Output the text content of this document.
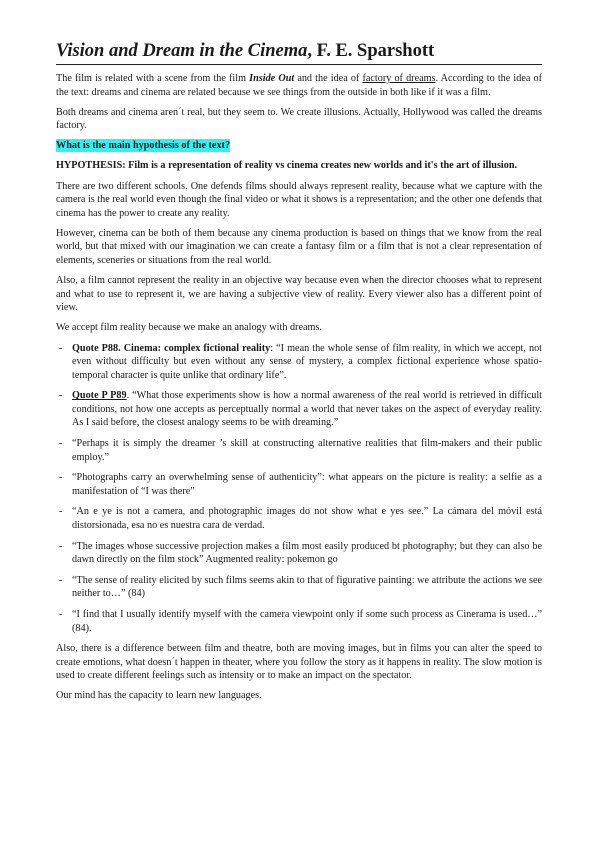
Vision and Dream in the Cinema, F. E. Sparshott

The film is related with a scene from the film Inside Out and the idea of factory of dreams. According to the idea of the text: dreams and cinema are related because we see things from the outside in both like if it was a film.

Both dreams and cinema aren´t real, but they seem to. We create illusions. Actually, Hollywood was called the dreams factory.

What is the main hypothesis of the text?

HYPOTHESIS: Film is a representation of reality vs cinema creates new worlds and it's the art of illusion.

There are two different schools. One defends films should always represent reality, because what we capture with the camera is the real world even though the final video or what it shows is a representation; and the other one defends that cinema has the power to create any reality.

However, cinema can be both of them because any cinema production is based on things that we know from the real world, but that mixed with our imagination we can create a fantasy film or a film that is not a clear representation of elements, sceneries or situations from the real world.

Also, a film cannot represent the reality in an objective way because even when the director chooses what to represent and what to use to represent it, we are having a subjective view of reality. Every viewer also has a different point of view.

We accept film reality because we make an analogy with dreams.

- Quote P88. Cinema: complex fictional reality: “I mean the whole sense of film reality, in which we accept, not even without difficulty but even without any sense of mystery, a complex fictional experience whose spatio-temporal character is quite unlike that ordinary life”.
- Quote P P89. “What those experiments show is how a normal awareness of the real world is retrieved in difficult conditions, not how one accepts as perceptually normal a world that never takes on the aspect of everyday reality. As I said before, the closest analogy seems to be with dreaming.”
- “Perhaps it is simply the dreamer ’s skill at constructing alternative realities that film-makers and their public employ.”
- “Photographs carry an overwhelming sense of authenticity”: what appears on the picture is reality: a selfie as a manifestation of “I was there”
- “An e ye is not a camera, and photographic images do not show what e yes see.” La cámara del móvil está distorsionada, esa no es nuestra cara de verdad.
- “The images whose successive projection makes a film most easily produced bt photography; but they can also be dawn directly on the film stock” Augmented reality: pokemon go
- “The sense of reality elicited by such films seems akin to that of figurative painting: we attribute the actions we see neither to…” (84)
- “I find that I usually identify myself with the camera viewpoint only if some such process as Cinerama is used…” (84).

Also, there is a difference between film and theatre, both are moving images, but in films you can alter the speed to create emotions, what doesn´t happen in theater, where you follow the story as it happens in reality. The slow motion is used to create different feelings such as intensity or to make an impact on the spectator.

Our mind has the capacity to learn new languages.
